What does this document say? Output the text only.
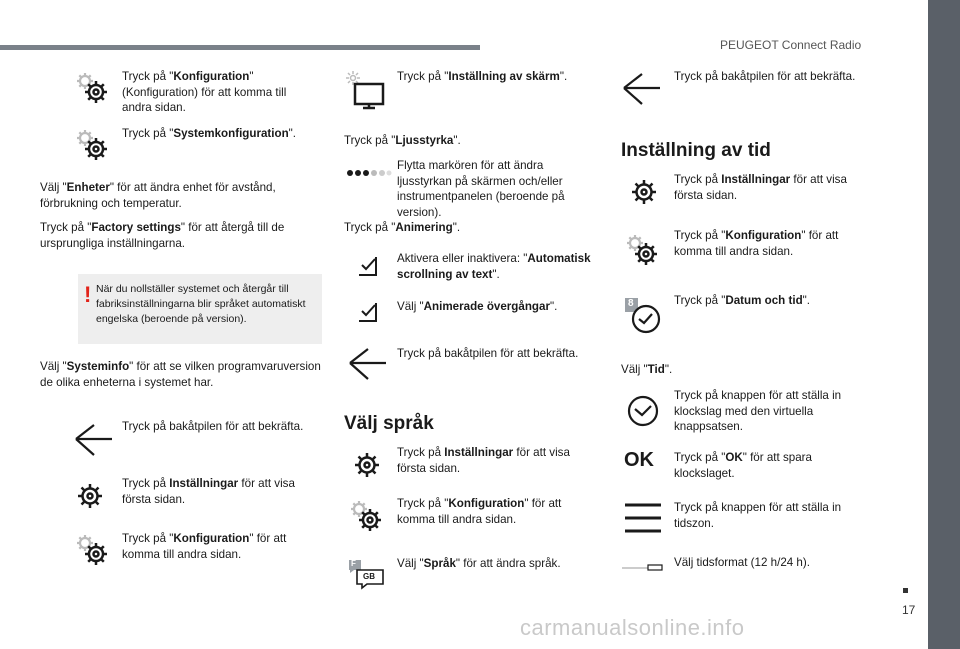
PEUGEOT Connect Radio
17
carmanualsonline.info
Tryck på "Konfiguration" (Konfiguration) för att komma till andra sidan.
Tryck på "Systemkonfiguration".
Välj "Enheter" för att ändra enhet för avstånd, förbrukning och temperatur.
Tryck på "Factory settings" för att återgå till de ursprungliga inställningarna.
! När du nollställer systemet och återgår till fabriksinställningarna blir språket automatiskt engelska (beroende på version).
Välj "Systeminfo" för att se vilken programvaruversion de olika enheterna i systemet har.
Tryck på bakåtpilen för att bekräfta.
Tryck på Inställningar för att visa första sidan.
Tryck på "Konfiguration" för att komma till andra sidan.
Tryck på "Inställning av skärm".
Tryck på "Ljusstyrka".
Flytta markören för att ändra ljusstyrkan på skärmen och/eller instrumentpanelen (beroende på version).
Tryck på "Animering".
Aktivera eller inaktivera: "Automatisk scrollning av text".
Välj "Animerade övergångar".
Tryck på bakåtpilen för att bekräfta.
Välj språk
Tryck på Inställningar för att visa första sidan.
Tryck på "Konfiguration" för att komma till andra sidan.
F
GB
Välj "Språk" för att ändra språk.
Tryck på bakåtpilen för att bekräfta.
Inställning av tid
Tryck på Inställningar för att visa första sidan.
Tryck på "Konfiguration" för att komma till andra sidan.
8	Tryck på "Datum och tid".
Välj "Tid".
Tryck på knappen för att ställa in klockslag med den virtuella knappsatsen.
OK Tryck på "OK" för att spara klockslaget.
Tryck på knappen för att ställa in tidszon.
Välj tidsformat (12 h/24 h).
